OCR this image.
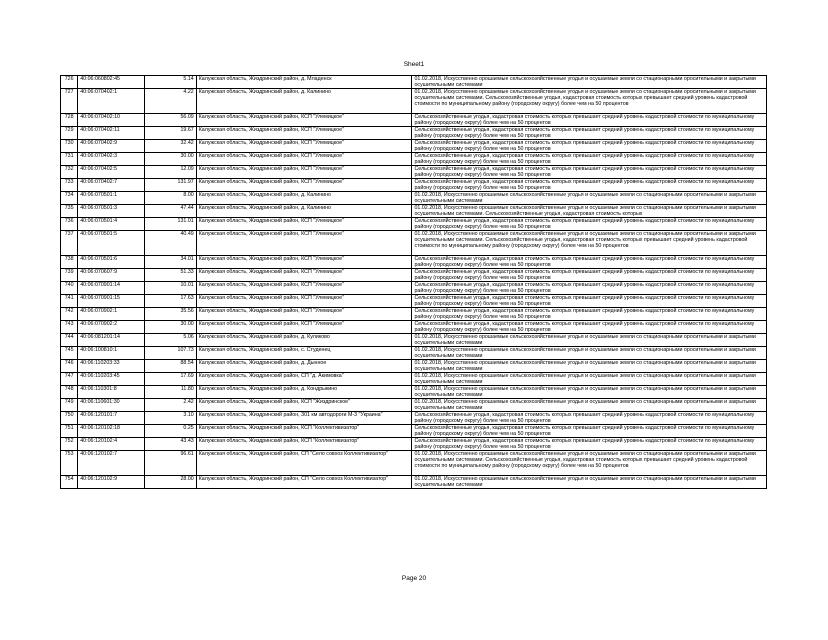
Sheet1
726	40:06:060802:45	5.14	Калужская область, Жиздринский район, д. Младенск	01.02.2018, Искусственно орошаемые сельскохозяйственные угодья и осушаемые земли со стационарными оросительными и закрытыми осушительными системами
727	40:06:070402:1	4.22	Калужская область, Жиздринский район, д. Калинино	01.02.2018, Искусственно орошаемые сельскохозяйственные угодья и осушаемые земли со стационарными оросительными и закрытыми осушительными системами. Сельскохозяйственные угодья, кадастровая стоимость которых превышает средний уровень кадастровой стоимости по муниципальному району (городскому округу) более чем на 50 процентов
728	40:06:070402:10	56.09	Калужская область, Жиздринский район, КСП "Улемицкое"	Сельскохозяйственные угодья, кадастровая стоимость которых превышает средний уровень кадастровой стоимости по муниципальному району (городскому округу) более чем на 50 процентов
729	40:06:070402:11	19.67	Калужская область, Жиздринский район, КСП "Улемицкое"	Сельскохозяйственные угодья, кадастровая стоимость которых превышает средний уровень кадастровой стоимости по муниципальному району (городскому округу) более чем на 50 процентов
730	40:06:070402:9	32.42	Калужская область, Жиздринский район, КСП "Улемицкое"	Сельскохозяйственные угодья, кадастровая стоимость которых превышает средний уровень кадастровой стоимости по муниципальному району (городскому округу) более чем на 50 процентов
731	40:06:070402:3	30.00	Калужская область, Жиздринский район, КСП "Улемицкое"	Сельскохозяйственные угодья, кадастровая стоимость которых превышает средний уровень кадастровой стоимости по муниципальному району (городскому округу) более чем на 50 процентов
732	40:06:070402:5	12.09	Калужская область, Жиздринский район, КСП "Улемицкое"	Сельскохозяйственные угодья, кадастровая стоимость которых превышает средний уровень кадастровой стоимости по муниципальному району (городскому округу) более чем на 50 процентов
733	40:06:070402:7	131.97	Калужская область, Жиздринский район, КСП "Улемицкое"	Сельскохозяйственные угодья, кадастровая стоимость которых превышает средний уровень кадастровой стоимости по муниципальному району (городскому округу) более чем на 50 процентов
734	40:06:070501:1	8.00	Калужская область, Жиздринский район, д. Калинино	01.02.2018, Искусственно орошаемые сельскохозяйственные угодья и осушаемые земли со стационарными оросительными и закрытыми осушительными системами
735	40:06:070501:3	47.44	Калужская область, Жиздринский район, д. Калинино	01.02.2018, Искусственно орошаемые сельскохозяйственные угодья и осушаемые земли со стационарными оросительными и закрытыми осушительными системами. Сельскохозяйственные угодья, кадастровая стоимость которых
736	40:06:070501:4	131.01	Калужская область, Жиздринский район, КСП "Улемицкое"	Сельскохозяйственные угодья, кадастровая стоимость которых превышает средний уровень кадастровой стоимости по муниципальному району (городскому округу) более чем на 50 процентов
737	40:06:070501:5	40.49	Калужская область, Жиздринский район, КСП "Улемицкое"	01.02.2018, Искусственно орошаемые сельскохозяйственные угодья и осушаемые земли со стационарными оросительными и закрытыми осушительными системами. Сельскохозяйственные угодья, кадастровая стоимость которых превышает средний уровень кадастровой стоимости по муниципальному району (городскому округу) более чем на 50 процентов
738	40:06:070501:6	34.01	Калужская область, Жиздринский район, КСП "Улемицкое"	Сельскохозяйственные угодья, кадастровая стоимость которых превышает средний уровень кадастровой стоимости по муниципальному району (городскому округу) более чем на 50 процентов
739	40:06:070607:9	51.33	Калужская область, Жиздринский район, КСП "Улемицкое"	Сельскохозяйственные угодья, кадастровая стоимость которых превышает средний уровень кадастровой стоимости по муниципальному району (городскому округу) более чем на 50 процентов
740	40:06:070901:14	10.01	Калужская область, Жиздринский район, КСП "Улемицкое"	Сельскохозяйственные угодья, кадастровая стоимость которых превышает средний уровень кадастровой стоимости по муниципальному району (городскому округу) более чем на 50 процентов
741	40:06:070901:15	17.63	Калужская область, Жиздринский район, КСП "Улемицкое"	Сельскохозяйственные угодья, кадастровая стоимость которых превышает средний уровень кадастровой стоимости по муниципальному району (городскому округу) более чем на 50 процентов
742	40:06:070902:1	35.56	Калужская область, Жиздринский район, КСП "Улемицкое"	Сельскохозяйственные угодья, кадастровая стоимость которых превышает средний уровень кадастровой стоимости по муниципальному району (городскому округу) более чем на 50 процентов
743	40:06:070902:2	30.00	Калужская область, Жиздринский район, КСП "Улемицкое"	Сельскохозяйственные угодья, кадастровая стоимость которых превышает средний уровень кадастровой стоимости по муниципальному району (городскому округу) более чем на 50 процентов
744	40:06:081201:14	5.06	Калужская область, Жиздринский район, д. Куликово	01.02.2018, Искусственно орошаемые сельскохозяйственные угодья и осушаемые земли со стационарными оросительными и закрытыми осушительными системами
745	40:06:100810:1	107.73	Калужская область, Жиздринский район, с. Студенец	01.02.2018, Искусственно орошаемые сельскохозяйственные угодья и осушаемые земли со стационарными оросительными и закрытыми осушительными системами
746	40:06:110203:33	88.54	Калужская область, Жиздринский район, д. Дынное	01.02.2018, Искусственно орошаемые сельскохозяйственные угодья и осушаемые земли со стационарными оросительными и закрытыми осушительными системами
747	40:06:110203:45	17.69	Калужская область, Жиздринский район, СП "д. Акимовка"	01.02.2018, Искусственно орошаемые сельскохозяйственные угодья и осушаемые земли со стационарными оросительными и закрытыми осушительными системами
748	40:06:110301:8	11.80	Калужская область, Жиздринский район, д. Кондрыкино	01.02.2018, Искусственно орошаемые сельскохозяйственные угодья и осушаемые земли со стационарными оросительными и закрытыми осушительными системами
749	40:06:110601:30	2.42	Калужская область, Жиздринский район, КСП "Жиздринское"	01.02.2018, Искусственно орошаемые сельскохозяйственные угодья и осушаемые земли со стационарными оросительными и закрытыми осушительными системами
750	40:06:120101:7	3.10	Калужская область, Жиздринский район, 301 км автодороги М-3 "Украина"	Сельскохозяйственные угодья, кадастровая стоимость которых превышает средний уровень кадастровой стоимости по муниципальному району (городскому округу) более чем на 50 процентов
751	40:06:120102:18	0.25	Калужская область, Жиздринский район, КСП "Коллективизатор"	Сельскохозяйственные угодья, кадастровая стоимость которых превышает средний уровень кадастровой стоимости по муниципальному району (городскому округу) более чем на 50 процентов
752	40:06:120102:4	43.43	Калужская область, Жиздринский район, КСП "Коллективизатор"	Сельскохозяйственные угодья, кадастровая стоимость которых превышает средний уровень кадастровой стоимости по муниципальному району (городскому округу) более чем на 50 процентов
753	40:06:120102:7	96.61	Калужская область, Жиздринский район, СП "Село совхоз Коллективизатор"	01.02.2018, Искусственно орошаемые сельскохозяйственные угодья и осушаемые земли со стационарными оросительными и закрытыми осушительными системами. Сельскохозяйственные угодья, кадастровая стоимость которых превышает средний уровень кадастровой стоимости по муниципальному району (городскому округу) более чем на 50 процентов
754	40:06:120102:9	28.00	Калужская область, Жиздринский район, СП "Село совхоз Коллективизатор"	01.02.2018, Искусственно орошаемые сельскохозяйственные угодья и осушаемые земли со стационарными оросительными и закрытыми осушительными системами
Page 20
